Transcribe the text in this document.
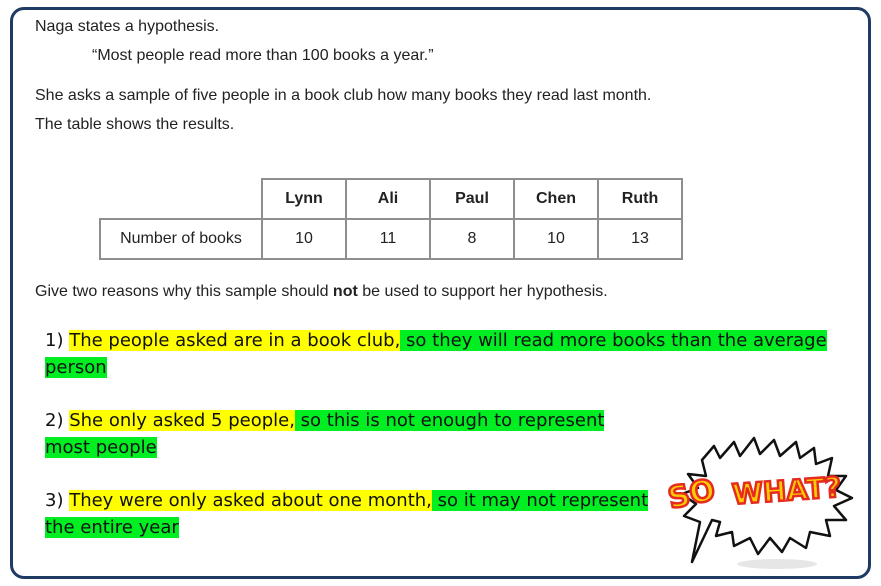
Naga states a hypothesis.
“Most people read more than 100 books a year.”
She asks a sample of five people in a book club how many books they read last month.
The table shows the results.
	Lynn	Ali	Paul	Chen	Ruth
Number of books	10	11	8	10	13
Give two reasons why this sample should not be used to support her hypothesis.
1) The people asked are in a book club, so they will read more books than the average
person
2) She only asked 5 people, so this is not enough to represent
most people
3) They were only asked about one month, so it may not represent
the entire year
SO WHAT?
